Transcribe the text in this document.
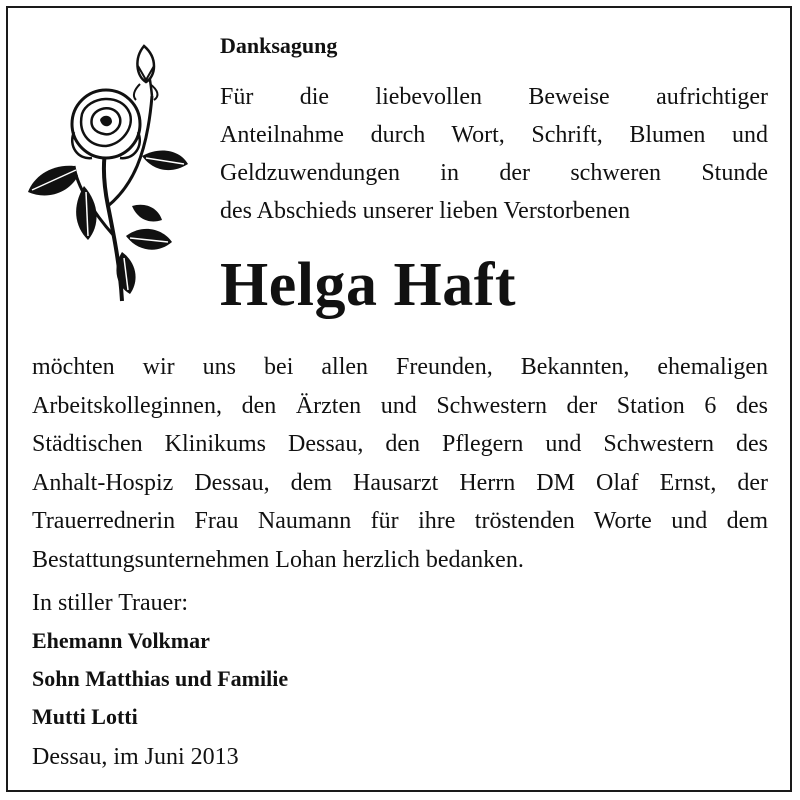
Danksagung
Für die liebevollen Beweise aufrichtiger
Anteilnahme durch Wort, Schrift, Blumen und
Geldzuwendungen in der schweren Stunde
des Abschieds unserer lieben Verstorbenen
Helga Haft
möchten wir uns bei allen Freunden, Bekannten, ehemaligen
Arbeitskolleginnen, den Ärzten und Schwestern der Station 6 des
Städtischen Klinikums Dessau, den Pflegern und Schwestern des
Anhalt-Hospiz Dessau, dem Hausarzt Herrn DM Olaf Ernst, der
Trauerrednerin Frau Naumann für ihre tröstenden Worte und dem
Bestattungsunternehmen Lohan herzlich bedanken.
In stiller Trauer:
Ehemann Volkmar
Sohn Matthias und Familie
Mutti Lotti
Dessau, im Juni 2013
